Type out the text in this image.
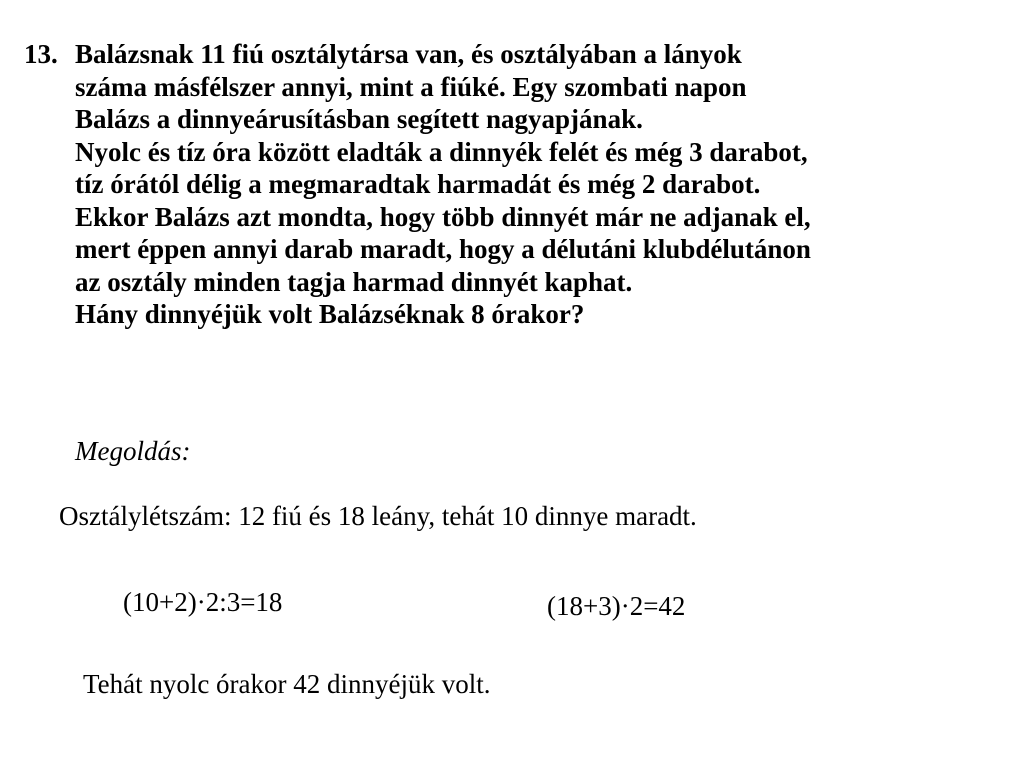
13. Balázsnak 11 fiú osztálytársa van, és osztályában a lányok
száma másfélszer annyi, mint a fiúké. Egy szombati napon
Balázs a dinnyeárusításban segített nagyapjának.
Nyolc és tíz óra között eladták a dinnyék felét és még 3 darabot,
tíz órától délig a megmaradtak harmadát és még 2 darabot.
Ekkor Balázs azt mondta, hogy több dinnyét már ne adjanak el,
mert éppen annyi darab maradt, hogy a délutáni klubdélutánon
az osztály minden tagja harmad dinnyét kaphat.
Hány dinnyéjük volt Balázséknak 8 órakor?
Megoldás:
Osztálylétszám: 12 fiú és 18 leány, tehát 10 dinnye maradt.
(10+2)·2:3=18	(18+3)·2=42
Tehát nyolc órakor 42 dinnyéjük volt.
